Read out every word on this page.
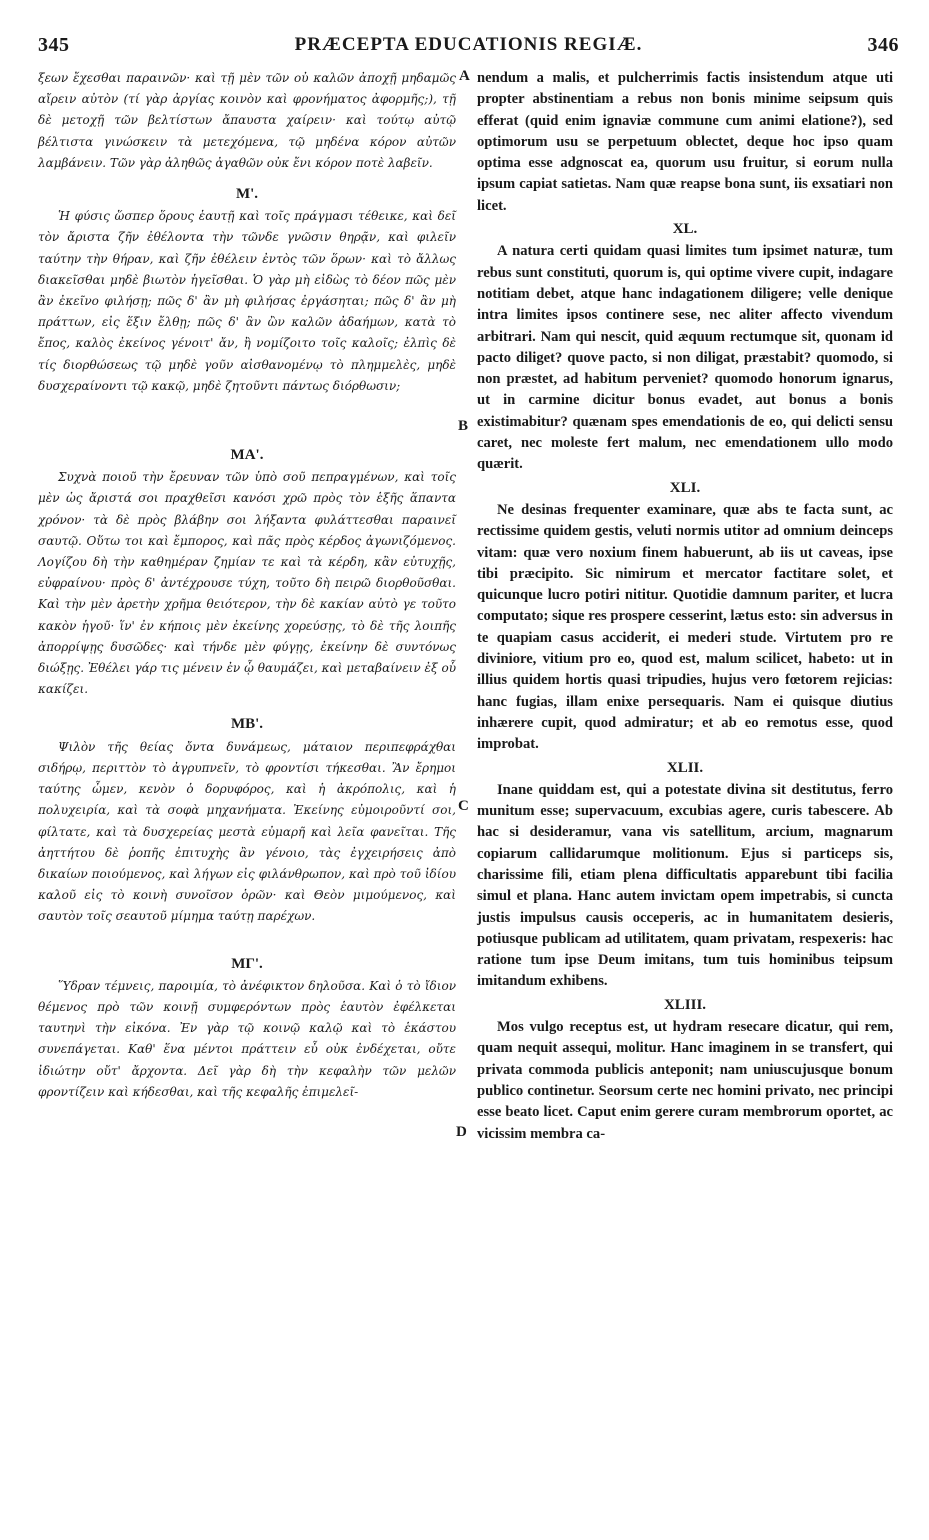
345	PRÆCEPTA EDUCATIONIS REGIÆ.	346
A
B
C
D

ξεων ἔχεσθαι παραινῶν· καὶ τῇ μὲν τῶν οὐ καλῶν ἀποχῇ μηδαμῶς αἴρειν αὐτὸν (τί γὰρ ἀργίας κοινὸν καὶ φρονήματος ἀφορμῆς;), τῇ δὲ μετοχῇ τῶν βελτίστων ἄπαυστα χαίρειν· καὶ τούτῳ αὐτῷ βέλτιστα γινώσκειν τὰ μετεχόμενα, τῷ μηδένα κόρον αὐτῶν λαμβάνειν. Τῶν γὰρ ἀληθῶς ἀγαθῶν οὐκ ἔνι κόρον ποτὲ λαβεῖν.

Μ'.

Ἡ φύσις ὥσπερ ὅρους ἑαυτῇ καὶ τοῖς πράγμασι τέθεικε, καὶ δεῖ τὸν ἄριστα ζῆν ἐθέλοντα τὴν τῶνδε γνῶσιν θηρᾷν, καὶ φιλεῖν ταύτην τὴν θήραν, καὶ ζῆν ἐθέλειν ἐντὸς τῶν ὅρων· καὶ τὸ ἄλλως διακεῖσθαι μηδὲ βιωτὸν ἡγεῖσθαι. Ὁ γὰρ μὴ εἰδὼς τὸ δέον πῶς μὲν ἂν ἐκεῖνο φιλήσῃ; πῶς δ' ἂν μὴ φιλήσας ἐργάσηται; πῶς δ' ἂν μὴ πράττων, εἰς ἕξιν ἔλθῃ; πῶς δ' ἂν ὢν καλῶν ἀδαήμων, κατὰ τὸ ἔπος, καλὸς ἐκείνος γένοιτ' ἄν, ἢ νομίζοιτο τοῖς καλοῖς; ἐλπὶς δὲ τίς διορθώσεως τῷ μηδὲ γοῦν αἰσθανομένῳ τὸ πλημμελὲς, μηδὲ δυσχεραίνοντι τῷ κακῷ, μηδὲ ζητοῦντι πάντως διόρθωσιν;

ΜΑ'.

Συχνὰ ποιοῦ τὴν ἔρευναν τῶν ὑπὸ σοῦ πεπραγμένων, καὶ τοῖς μὲν ὡς ἄριστά σοι πραχθεῖσι κανόσι χρῶ πρὸς τὸν ἑξῆς ἅπαντα χρόνον· τὰ δὲ πρὸς βλάβην σοι λήξαντα φυλάττεσθαι παραινεῖ σαυτῷ. Οὕτω τοι καὶ ἔμπορος, καὶ πᾶς πρὸς κέρδος ἀγωνιζόμενος. Λογίζου δὴ τὴν καθημέραν ζημίαν τε καὶ τὰ κέρδη, κἂν εὐτυχῇς, εὐφραίνου· πρὸς δ' ἀντέχρουσε τύχη, τοῦτο δὴ πειρῶ διορθοῦσθαι. Καὶ τὴν μὲν ἀρετὴν χρῆμα θειότερον, τὴν δὲ κακίαν αὐτὸ γε τοῦτο κακὸν ἡγοῦ· ἵν' ἐν κήποις μὲν ἐκείνης χορεύσῃς, τὸ δὲ τῆς λοιπῆς ἀπορρίψῃς δυσῶδες· καὶ τήνδε μὲν φύγῃς, ἐκείνην δὲ συντόνως διώξῃς. Ἐθέλει γάρ τις μένειν ἐν ᾧ θαυμάζει, καὶ μεταβαίνειν ἐξ οὗ κακίζει.

ΜΒ'.

Ψιλὸν τῆς θείας ὄντα δυνάμεως, μάταιον περιπεφράχθαι σιδήρῳ, περιττὸν τὸ ἀγρυπνεῖν, τὸ φροντίσι τήκεσθαι. Ἂν ἔρημοι ταύτης ὦμεν, κενὸν ὁ δορυφόρος, καὶ ἡ ἀκρόπολις, καὶ ἡ πολυχειρία, καὶ τὰ σοφὰ μηχανήματα. Ἐκείνης εὐμοιροῦντί σοι, φίλτατε, καὶ τὰ δυσχερείας μεστὰ εὐμαρῆ καὶ λεῖα φανεῖται. Τῆς ἀηττήτου δὲ ῥοπῆς ἐπιτυχὴς ἂν γένοιο, τὰς ἐγχειρήσεις ἀπὸ δικαίων ποιούμενος, καὶ λήγων εἰς φιλάνθρωπον, καὶ πρὸ τοῦ ἰδίου καλοῦ εἰς τὸ κοινὴ συνοῖσον ὁρῶν· καὶ Θεὸν μιμούμενος, καὶ σαυτὸν τοῖς σεαυτοῦ μίμημα ταύτῃ παρέχων.

ΜΓ'.

Ὕδραν τέμνεις, παροιμία, τὸ ἀνέφικτον δηλοῦσα. Καὶ ὁ τὸ ἴδιον θέμενος πρὸ τῶν κοινῇ συμφερόντων πρὸς ἑαυτὸν ἐφέλκεται ταυτηνὶ τὴν εἰκόνα. Ἐν γὰρ τῷ κοινῷ καλῷ καὶ τὸ ἑκάστου συνεπάγεται. Καθ' ἕνα μέντοι πράττειν εὖ οὐκ ἐνδέχεται, οὔτε ἰδιώτην οὔτ' ἄρχοντα. Δεῖ γὰρ δὴ τὴν κεφαλὴν τῶν μελῶν φροντίζειν καὶ κήδεσθαι, καὶ τῆς κεφαλῆς ἐπιμελεῖ-

nendum a malis, et pulcherrimis factis insistendum atque uti propter abstinentiam a rebus non bonis minime seipsum quis efferat (quid enim ignaviæ commune cum animi elatione?), sed optimorum usu se perpetuum oblectet, deque hoc ipso quam optima esse adgnoscat ea, quorum usu fruitur, si eorum nulla ipsum capiat satietas. Nam quæ reapse bona sunt, iis exsatiari non licet.

XL.

A natura certi quidam quasi limites tum ipsimet naturæ, tum rebus sunt constituti, quorum is, qui optime vivere cupit, indagare notitiam debet, atque hanc indagationem diligere; velle denique intra limites ipsos continere sese, nec aliter affecto vivendum arbitrari. Nam qui nescit, quid æquum rectumque sit, quonam id pacto diliget? quove pacto, si non diligat, præstabit? quomodo, si non præstet, ad habitum perveniet? quomodo honorum ignarus, ut in carmine dicitur bonus evadet, aut bonus a bonis existimabitur? quænam spes emendationis de eo, qui delicti sensu caret, nec moleste fert malum, nec emendationem ullo modo quærit.

XLI.

Ne desinas frequenter examinare, quæ abs te facta sunt, ac rectissime quidem gestis, veluti normis utitor ad omnium deinceps vitam: quæ vero noxium finem habuerunt, ab iis ut caveas, ipse tibi præcipito. Sic nimirum et mercator factitare solet, et quicunque lucro potiri nititur. Quotidie damnum pariter, et lucra computato; sique res prospere cesserint, lætus esto: sin adversus in te quapiam casus acciderit, ei mederi stude. Virtutem pro re diviniore, vitium pro eo, quod est, malum scilicet, habeto: ut in illius quidem hortis quasi tripudies, hujus vero fœtorem rejicias: hanc fugias, illam enixe persequaris. Nam ei quisque diutius inhærere cupit, quod admiratur; et ab eo remotus esse, quod improbat.

XLII.

Inane quiddam est, qui a potestate divina sit destitutus, ferro munitum esse; supervacuum, excubias agere, curis tabescere. Ab hac si desideramur, vana vis satellitum, arcium, magnarum copiarum callidarumque molitionum. Ejus si particeps sis, charissime fili, etiam plena difficultatis apparebunt tibi facilia simul et plana. Hanc autem invictam opem impetrabis, si cuncta justis impulsus causis occeperis, ac in humanitatem desieris, potiusque publicam ad utilitatem, quam privatam, respexeris: hac ratione tum ipse Deum imitans, tum tuis hominibus teipsum imitandum exhibens.

XLIII.

Mos vulgo receptus est, ut hydram resecare dicatur, qui rem, quam nequit assequi, molitur. Hanc imaginem in se transfert, qui privata commoda publicis anteponit; nam uniuscujusque bonum publico continetur. Seorsum certe nec homini privato, nec principi esse beato licet. Caput enim gerere curam membrorum oportet, ac vicissim membra ca-
